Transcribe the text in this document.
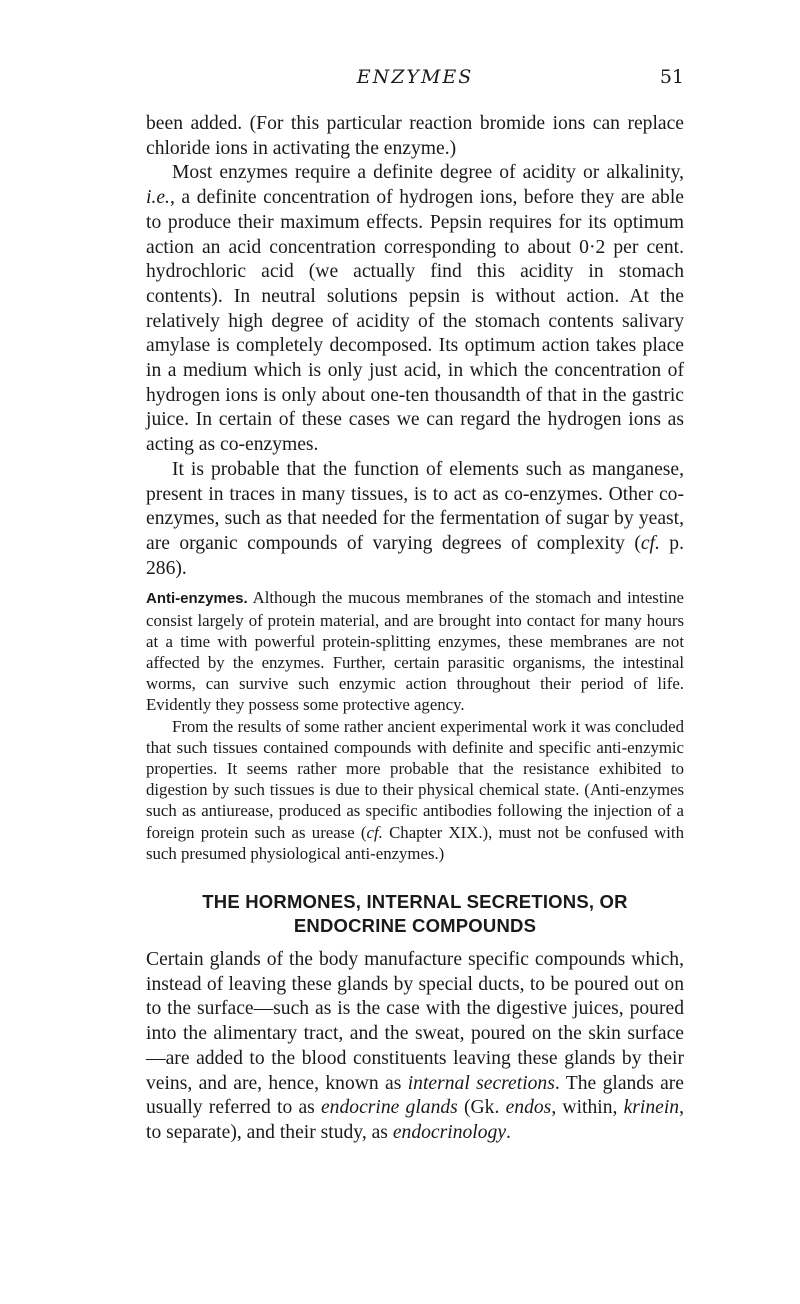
ENZYMES	51

been added. (For this particular reaction bromide ions can replace chloride ions in activating the enzyme.)

Most enzymes require a definite degree of acidity or alkalinity, i.e., a definite concentration of hydrogen ions, before they are able to produce their maximum effects. Pepsin requires for its optimum action an acid concentration corresponding to about 0·2 per cent. hydrochloric acid (we actually find this acidity in stomach contents). In neutral solutions pepsin is without action. At the relatively high degree of acidity of the stomach contents salivary amylase is completely decomposed. Its optimum action takes place in a medium which is only just acid, in which the concentration of hydrogen ions is only about one-ten thousandth of that in the gastric juice. In certain of these cases we can regard the hydrogen ions as acting as co-enzymes.

It is probable that the function of elements such as manganese, present in traces in many tissues, is to act as co-enzymes. Other co-enzymes, such as that needed for the fermentation of sugar by yeast, are organic compounds of varying degrees of complexity (cf. p. 286).

Anti-enzymes. Although the mucous membranes of the stomach and intestine consist largely of protein material, and are brought into contact for many hours at a time with powerful protein-splitting enzymes, these membranes are not affected by the enzymes. Further, certain parasitic organisms, the intestinal worms, can survive such enzymic action throughout their period of life. Evidently they possess some protective agency.

From the results of some rather ancient experimental work it was concluded that such tissues contained compounds with definite and specific anti-enzymic properties. It seems rather more probable that the resistance exhibited to digestion by such tissues is due to their physical chemical state. (Anti-enzymes such as antiurease, produced as specific antibodies following the injection of a foreign protein such as urease (cf. Chapter XIX.), must not be confused with such presumed physiological anti-enzymes.)

THE HORMONES, INTERNAL SECRETIONS, OR
ENDOCRINE COMPOUNDS

Certain glands of the body manufacture specific compounds which, instead of leaving these glands by special ducts, to be poured out on to the surface—such as is the case with the digestive juices, poured into the alimentary tract, and the sweat, poured on the skin surface—are added to the blood constituents leaving these glands by their veins, and are, hence, known as internal secretions. The glands are usually referred to as endocrine glands (Gk. endos, within, krinein, to separate), and their study, as endocrinology.
